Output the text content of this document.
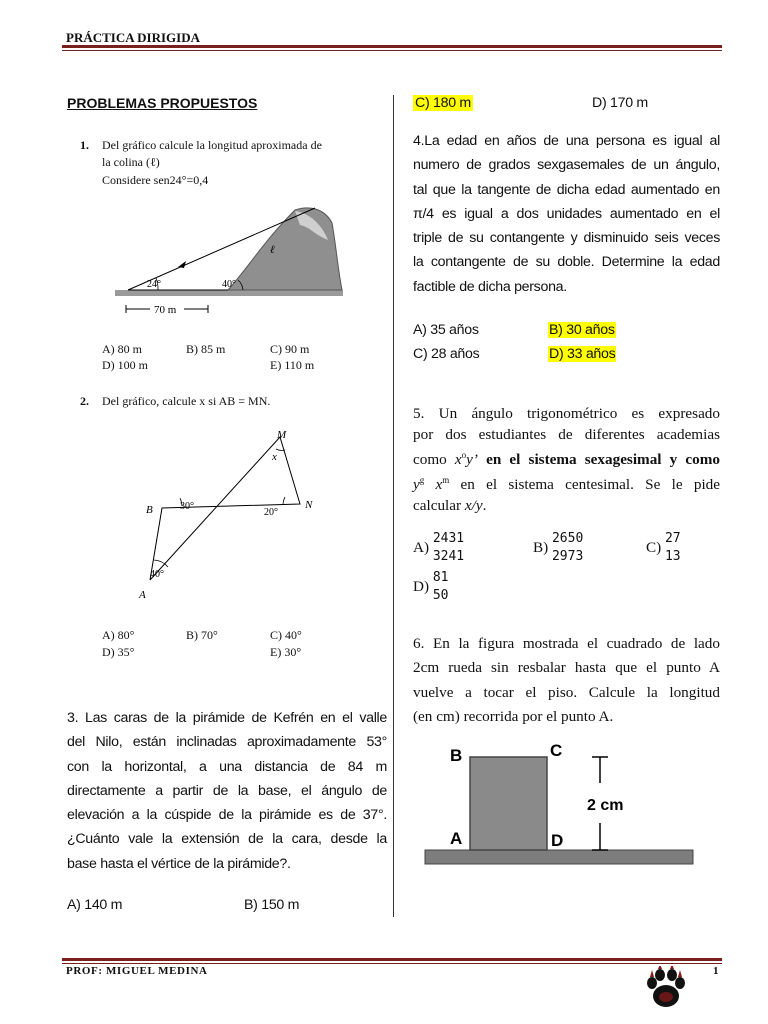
PRÁCTICA DIRIGIDA
PROBLEMAS PROPUESTOS
1. Del gráfico calcule la longitud aproximada de
la colina (ℓ)
Considere sen24°=0,4
24°	40°
ℓ
70 m
A) 80 m	B) 85 m	C) 90 m
D) 100 m	E) 110 m
2. Del gráfico, calcule x si AB = MN.
M
B	N
A
x
30°
20°
40°
A) 80°	B) 70°	C) 40°
D) 35°	E) 30°
3. Las caras de la pirámide de Kefrén en el valle
del Nilo, están inclinadas aproximadamente 53°
con la horizontal, a una distancia de 84 m
directamente a partir de la base, el ángulo de
elevación a la cúspide de la pirámide es de 37°.
¿Cuánto vale la extensión de la cara, desde la
base hasta el vértice de la pirámide?.
A) 140 m	B) 150 m
C) 180 m	D) 170 m
4.La edad en años de una persona es igual al
numero de grados sexgasemales de un ángulo,
tal que la tangente de dicha edad aumentado en
π/4 es igual a dos unidades aumentado en el
triple de su contangente y disminuido seis veces
la contangente de su doble. Determine la edad
factible de dicha persona.
A) 35 años	B) 30 años
C) 28 años	D) 33 años
5. Un ángulo trigonométrico es expresado
por dos estudiantes de diferentes academias
como $x^oy$’ en el sistema sexagesimal y como
$y^g$ $x^m$ en el sistema centesimal. Se le pide
calcular x/y.
A)
2431
3241
B)
2650
2973
C)
27
13
D)
81
50
6. En la figura mostrada el cuadrado de lado
2cm rueda sin resbalar hasta que el punto A
vuelve a tocar el piso. Calcule la longitud
(en cm) recorrida por el punto A.
B	C
A	D
2 cm
PROF: MIGUEL MEDINA	1
